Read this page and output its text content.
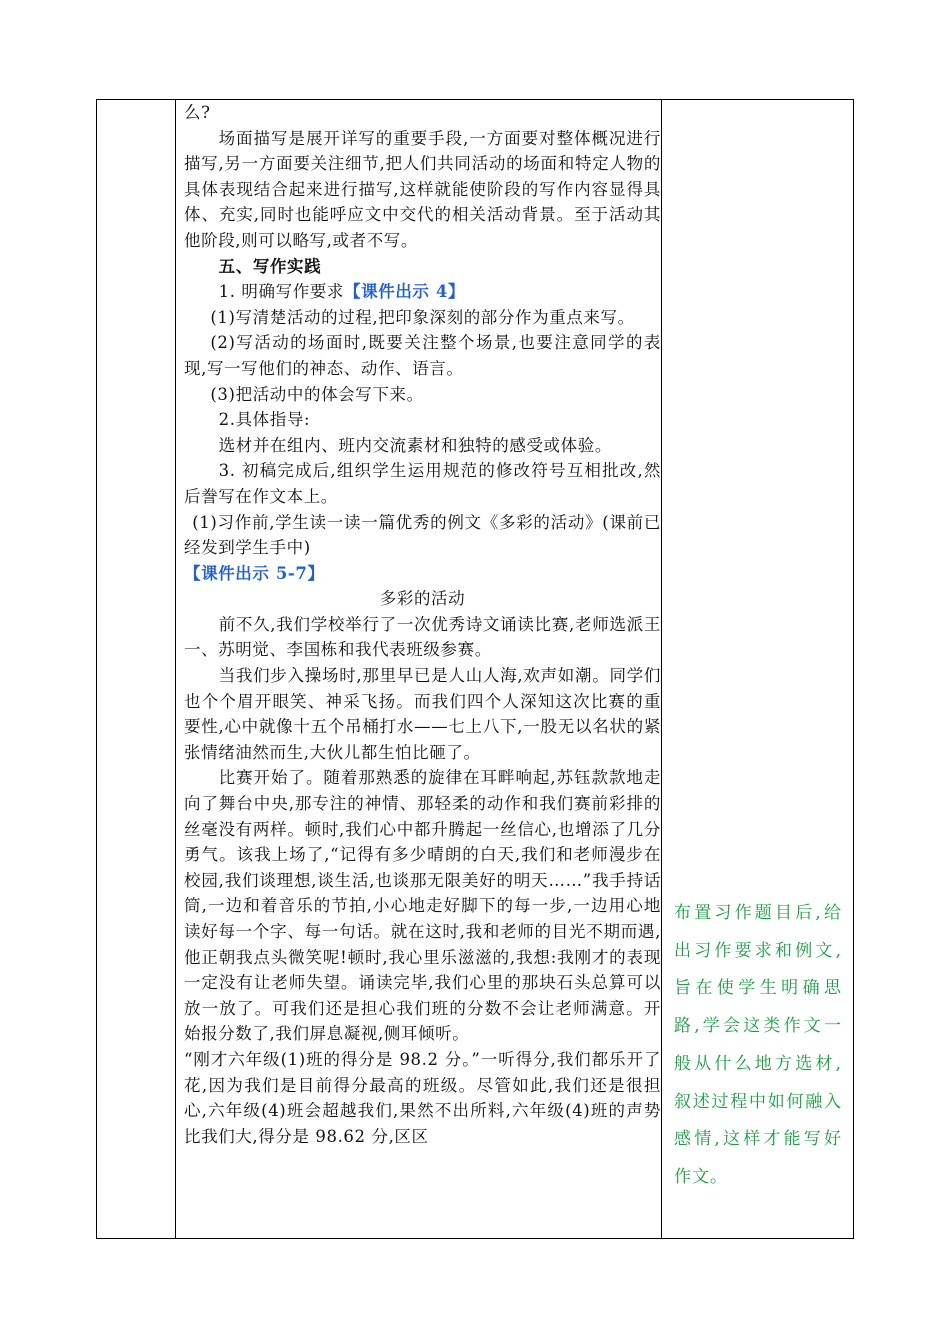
么?

场面描写是展开详写的重要手段,一方面要对整体概况进行描写,另一方面要关注细节,把人们共同活动的场面和特定人物的具体表现结合起来进行描写,这样就能使阶段的写作内容显得具体、充实,同时也能呼应文中交代的相关活动背景。至于活动其他阶段,则可以略写,或者不写。

五、写作实践

1. 明确写作要求【课件出示 4】

(1)写清楚活动的过程,把印象深刻的部分作为重点来写。

(2)写活动的场面时,既要关注整个场景,也要注意同学的表现,写一写他们的神态、动作、语言。

(3)把活动中的体会写下来。

2.具体指导:

选材并在组内、班内交流素材和独特的感受或体验。

3. 初稿完成后,组织学生运用规范的修改符号互相批改,然后誊写在作文本上。

(1)习作前,学生读一读一篇优秀的例文《多彩的活动》(课前已经发到学生手中)

【课件出示 5-7】

多彩的活动

前不久,我们学校举行了一次优秀诗文诵读比赛,老师选派王一、苏明觉、李国栋和我代表班级参赛。

当我们步入操场时,那里早已是人山人海,欢声如潮。同学们也个个眉开眼笑、神采飞扬。而我们四个人深知这次比赛的重要性,心中就像十五个吊桶打水——七上八下,一股无以名状的紧张情绪油然而生,大伙儿都生怕比砸了。

比赛开始了。随着那熟悉的旋律在耳畔响起,苏钰款款地走向了舞台中央,那专注的神情、那轻柔的动作和我们赛前彩排的丝毫没有两样。顿时,我们心中都升腾起一丝信心,也增添了几分勇气。该我上场了,“记得有多少晴朗的白天,我们和老师漫步在校园,我们谈理想,谈生活,也谈那无限美好的明天……”我手持话筒,一边和着音乐的节拍,小心地走好脚下的每一步,一边用心地读好每一个字、每一句话。就在这时,我和老师的目光不期而遇,他正朝我点头微笑呢!顿时,我心里乐滋滋的,我想:我刚才的表现一定没有让老师失望。诵读完毕,我们心里的那块石头总算可以放一放了。可我们还是担心我们班的分数不会让老师满意。开始报分数了,我们屏息凝视,侧耳倾听。

“刚才六年级(1)班的得分是 98.2 分。”一听得分,我们都乐开了花,因为我们是目前得分最高的班级。尽管如此,我们还是很担心,六年级(4)班会超越我们,果然不出所料,六年级(4)班的声势比我们大,得分是 98.62 分,区区

布置习作题目后,给出习作要求和例文,旨在使学生明确思路,学会这类作文一般从什么地方选材,叙述过程中如何融入感情,这样才能写好作文。
